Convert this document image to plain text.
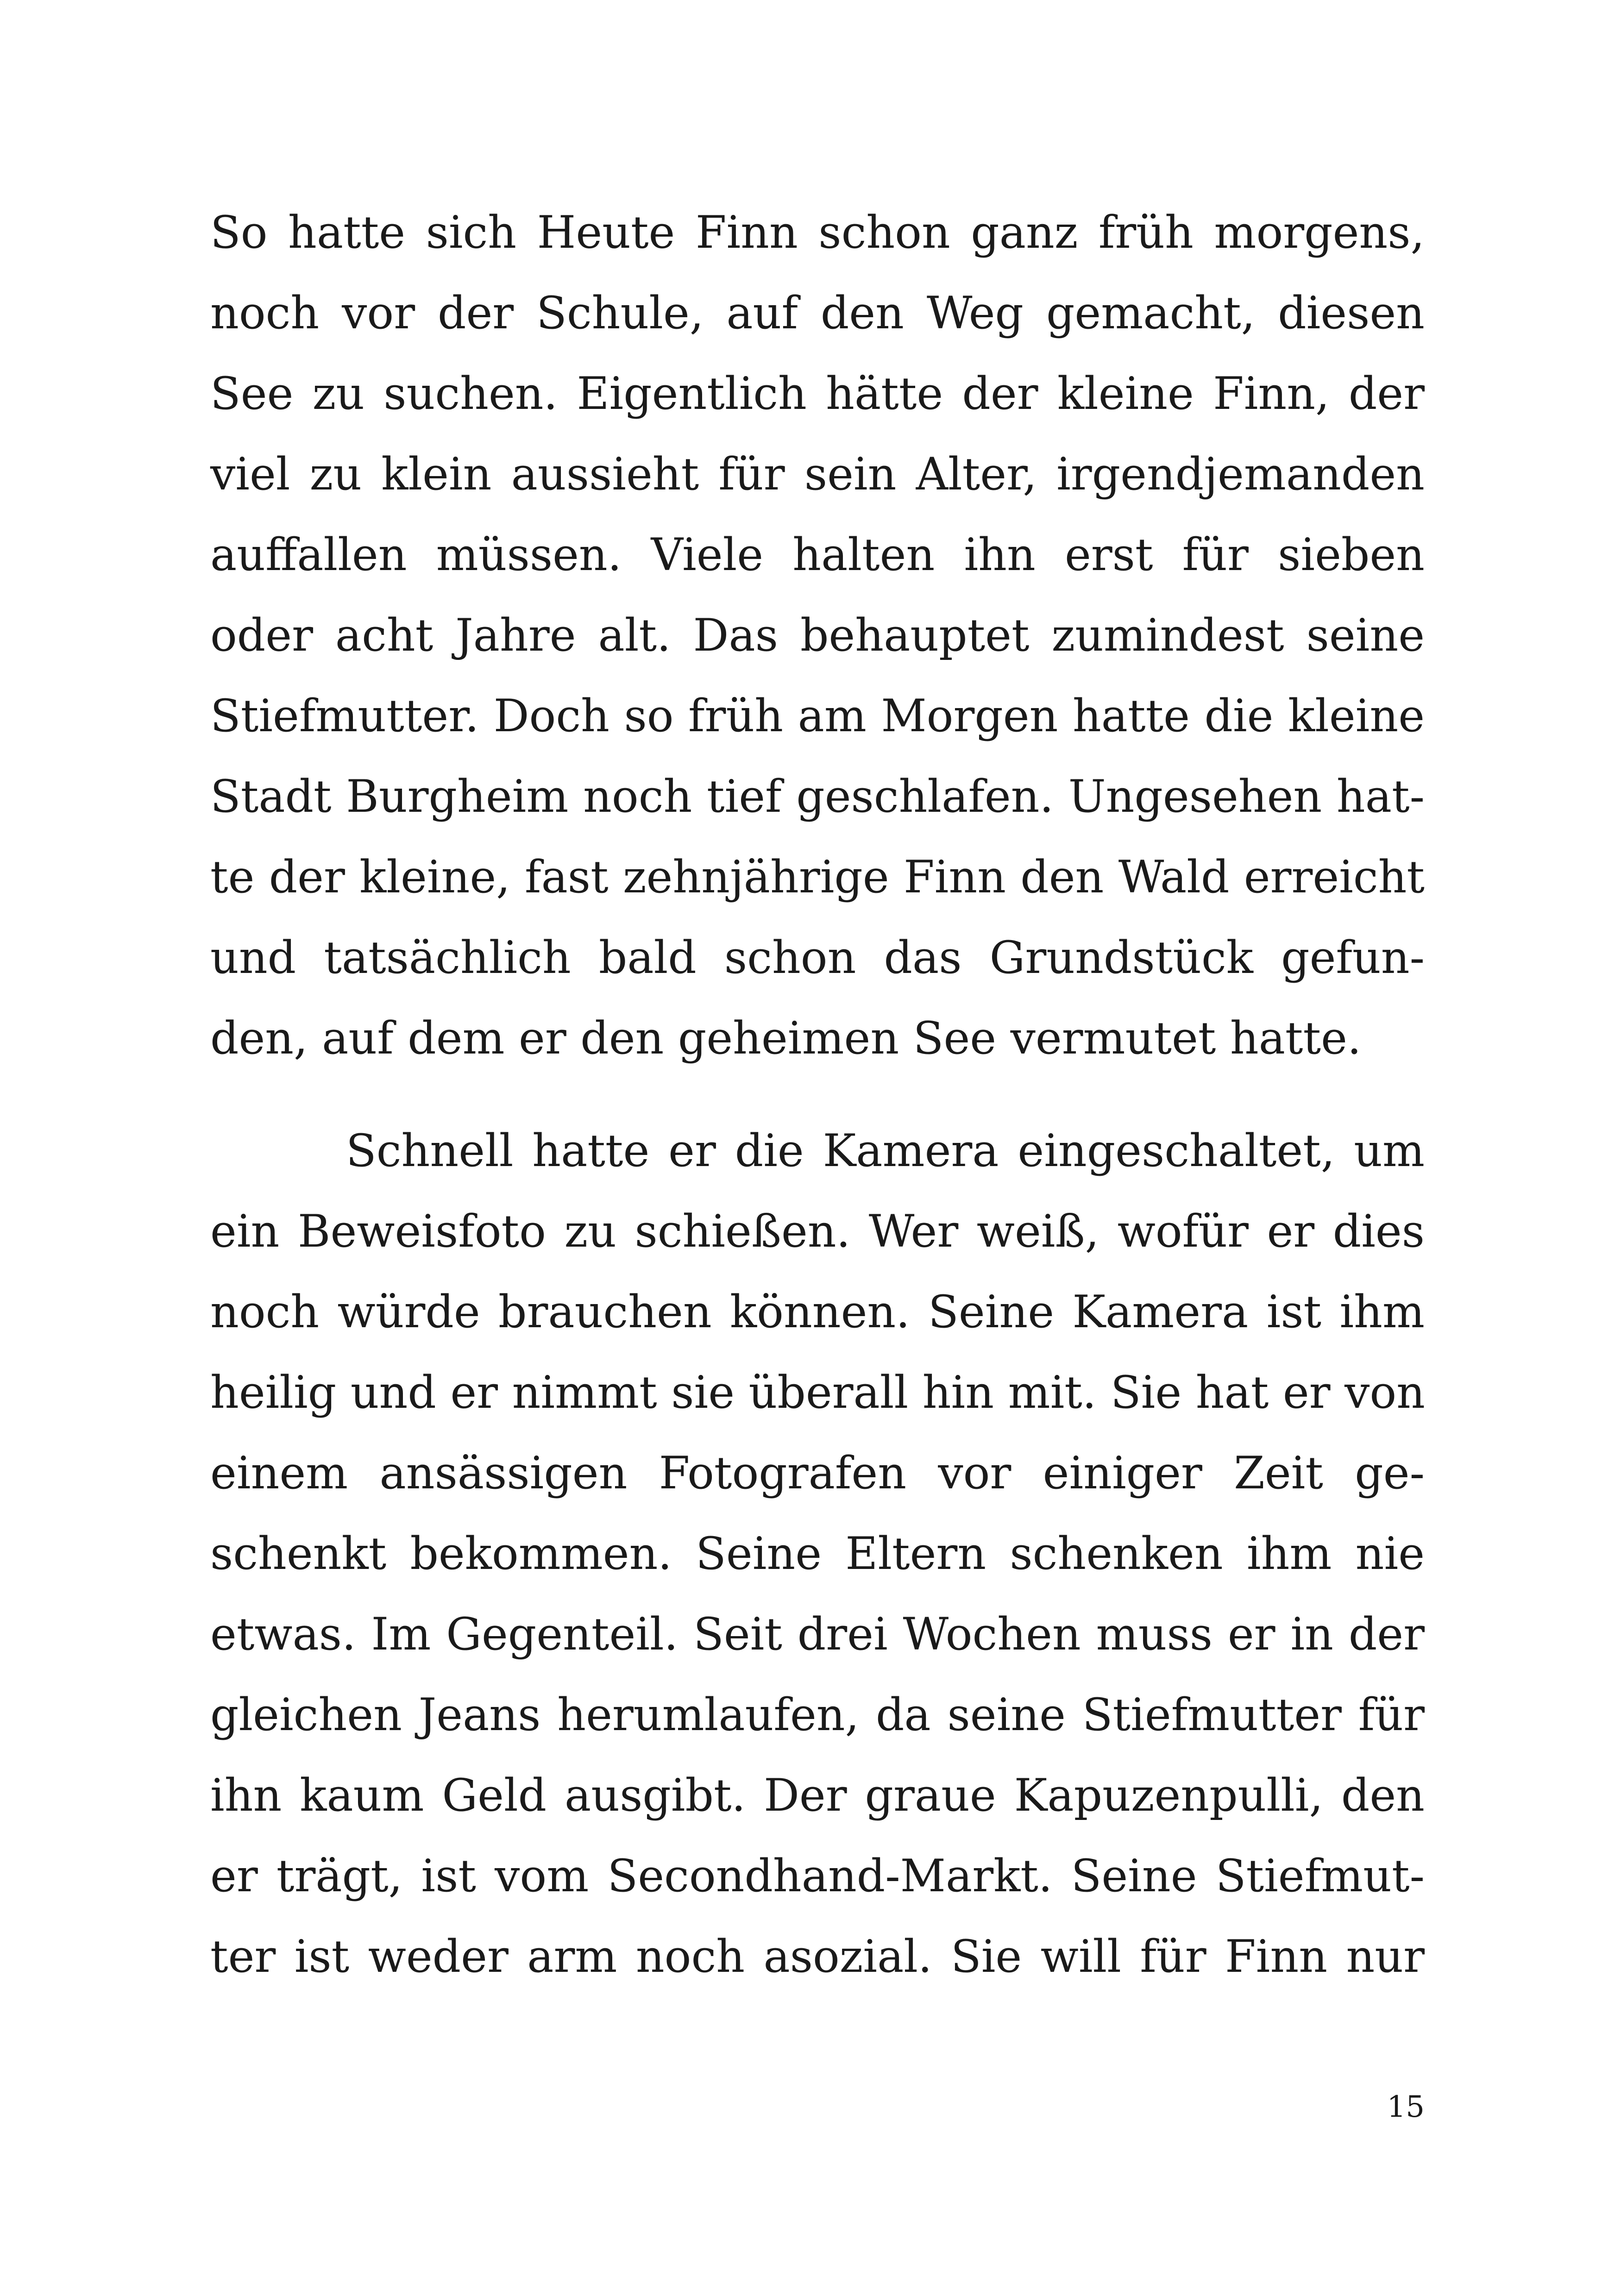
So hatte sich Heute Finn schon ganz früh morgens,
noch vor der Schule, auf den Weg gemacht, diesen
See zu suchen. Eigentlich hätte der kleine Finn, der
viel zu klein aussieht für sein Alter, irgendjemanden
auffallen müssen. Viele halten ihn erst für sieben
oder acht Jahre alt. Das behauptet zumindest seine
Stiefmutter. Doch so früh am Morgen hatte die kleine
Stadt Burgheim noch tief geschlafen. Ungesehen hat-
te der kleine, fast zehnjährige Finn den Wald erreicht
und tatsächlich bald schon das Grundstück gefun-
den, auf dem er den geheimen See vermutet hatte.
Schnell hatte er die Kamera eingeschaltet, um
ein Beweisfoto zu schießen. Wer weiß, wofür er dies
noch würde brauchen können. Seine Kamera ist ihm
heilig und er nimmt sie überall hin mit. Sie hat er von
einem ansässigen Fotografen vor einiger Zeit ge-
schenkt bekommen. Seine Eltern schenken ihm nie
etwas. Im Gegenteil. Seit drei Wochen muss er in der
gleichen Jeans herumlaufen, da seine Stiefmutter für
ihn kaum Geld ausgibt. Der graue Kapuzenpulli, den
er trägt, ist vom Secondhand-Markt. Seine Stiefmut-
ter ist weder arm noch asozial. Sie will für Finn nur
15
